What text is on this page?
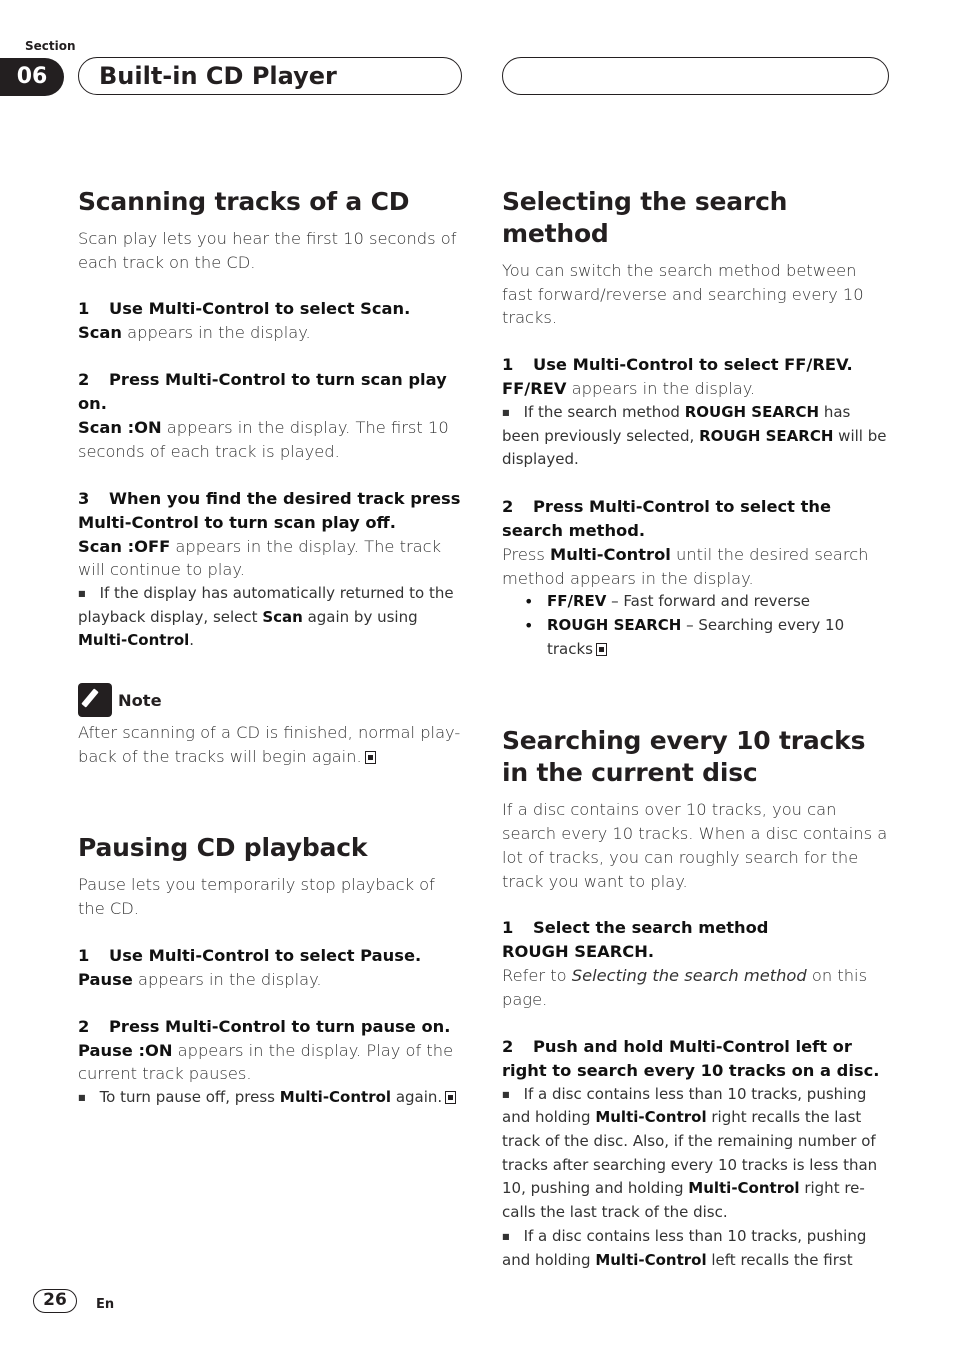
Section
06	Built-in CD Player
Scanning tracks of a CD

Scan play lets you hear the first 10 seconds of each track on the CD.

1 Use Multi-Control to select Scan.

Scan appears in the display.

2 Press Multi-Control to turn scan play on.

Scan :ON appears in the display. The first 10 seconds of each track is played.

3 When you find the desired track press Multi-Control to turn scan play off.

Scan :OFF appears in the display. The track will continue to play.

■ If the display has automatically returned to the playback display, select Scan again by using Multi-Control.
Note

After scanning of a CD is finished, normal play-back of the tracks will begin again.

Pausing CD playback

Pause lets you temporarily stop playback of the CD.

1 Use Multi-Control to select Pause.

Pause appears in the display.

2 Press Multi-Control to turn pause on.

Pause :ON appears in the display. Play of the current track pauses.

■ To turn pause off, press Multi-Control again.
Selecting the search method

You can switch the search method between fast forward/reverse and searching every 10 tracks.

1 Use Multi-Control to select FF/REV.

FF/REV appears in the display.

■ If the search method ROUGH SEARCH has been previously selected, ROUGH SEARCH will be displayed.
2 Press Multi-Control to select the search method.

Press Multi-Control until the desired search method appears in the display.

• FF/REV – Fast forward and reverse
• ROUGH SEARCH – Searching every 10 tracks
Searching every 10 tracks in the current disc

If a disc contains over 10 tracks, you can search every 10 tracks. When a disc contains a lot of tracks, you can roughly search for the track you want to play.

1 Select the search method ROUGH SEARCH.

Refer to Selecting the search method on this page.

2 Push and hold Multi-Control left or right to search every 10 tracks on a disc.
■ If a disc contains less than 10 tracks, pushing and holding Multi-Control right recalls the last track of the disc. Also, if the remaining number of tracks after searching every 10 tracks is less than 10, pushing and holding Multi-Control right re-calls the last track of the disc.
■ If a disc contains less than 10 tracks, pushing and holding Multi-Control left recalls the first
26	En
